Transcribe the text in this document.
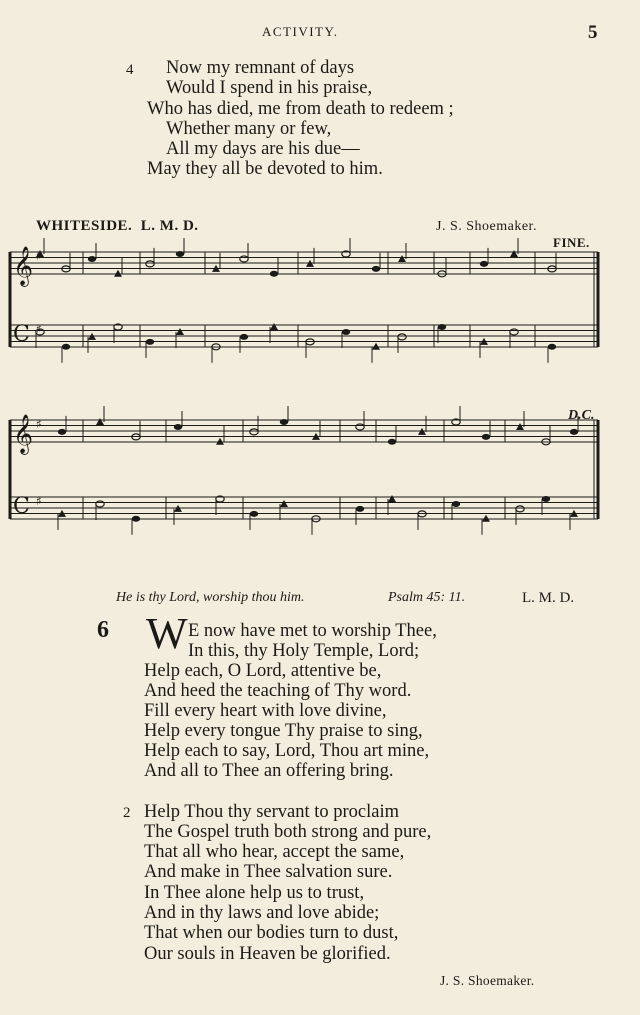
ACTIVITY.	5
4 Now my remnant of days
Would I spend in his praise,
Who has died, me from death to redeem ;
Whether many or few,
All my days are his due—
May they all be devoted to him.
WHITESIDE. L. M. D.	J. S. Shoemaker.
FINE.
D.C.
𝄞
C ♯
𝄞 ♯
C ♯
He is thy Lord, worship thou him.	Psalm 45: 11.	L. M. D.
6 W E now have met to worship Thee,
In this, thy Holy Temple, Lord;
Help each, O Lord, attentive be,
And heed the teaching of Thy word.
Fill every heart with love divine,
Help every tongue Thy praise to sing,
Help each to say, Lord, Thou art mine,
And all to Thee an offering bring.
2 Help Thou thy servant to proclaim
The Gospel truth both strong and pure,
That all who hear, accept the same,
And make in Thee salvation sure.
In Thee alone help us to trust,
And in thy laws and love abide;
That when our bodies turn to dust,
Our souls in Heaven be glorified.
J. S. Shoemaker.
